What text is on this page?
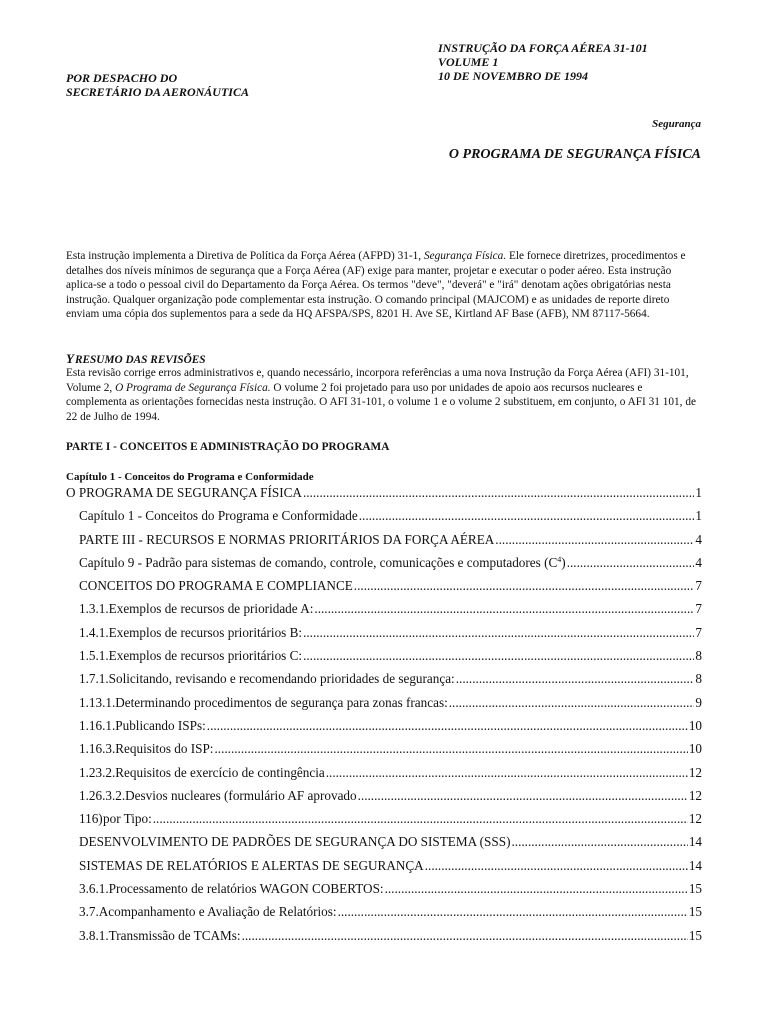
INSTRUÇÃO DA FORÇA AÉREA 31-101
VOLUME 1
10 DE NOVEMBRO DE 1994
POR DESPACHO DO
SECRETÁRIO DA AERONÁUTICA
Segurança
O PROGRAMA DE SEGURANÇA FÍSICA
Esta instrução implementa a Diretiva de Política da Força Aérea (AFPD) 31-1, Segurança Física. Ele fornece diretrizes, procedimentos e detalhes dos níveis mínimos de segurança que a Força Aérea (AF) exige para manter, projetar e executar o poder aéreo. Esta instrução aplica-se a todo o pessoal civil do Departamento da Força Aérea. Os termos "deve", "deverá" e "irá" denotam ações obrigatórias nesta instrução. Qualquer organização pode complementar esta instrução. O comando principal (MAJCOM) e as unidades de reporte direto enviam uma cópia dos suplementos para a sede da HQ AFSPA/SPS, 8201 H. Ave SE, Kirtland AF Base (AFB), NM 87117-5664.
YRESUMO DAS REVISÕES
Esta revisão corrige erros administrativos e, quando necessário, incorpora referências a uma nova Instrução da Força Aérea (AFI) 31-101, Volume 2, O Programa de Segurança Física. O volume 2 foi projetado para uso por unidades de apoio aos recursos nucleares e complementa as orientações fornecidas nesta instrução. O AFI 31-101, o volume 1 e o volume 2 substituem, em conjunto, o AFI 31 101, de 22 de Julho de 1994.
PARTE I - CONCEITOS E ADMINISTRAÇÃO DO PROGRAMA
Capítulo 1 - Conceitos do Programa e Conformidade
O PROGRAMA DE SEGURANÇA FÍSICA .....	1
Capítulo 1 - Conceitos do Programa e Conformidade .....	1
PARTE III - RECURSOS E NORMAS PRIORITÁRIOS DA FORÇA AÉREA .....	4
Capítulo 9 - Padrão para sistemas de comando, controle, comunicações e computadores $(C^4)$ .....	4
CONCEITOS DO PROGRAMA E COMPLIANCE .....	7
1.3.1. Exemplos de recursos de prioridade A: .....	7
1.4.1. Exemplos de recursos prioritários B: .....	7
1.5.1. Exemplos de recursos prioritários C: .....	8
1.7.1. Solicitando, revisando e recomendando prioridades de segurança: .....	8
1.13.1. Determinando procedimentos de segurança para zonas francas: .....	9
1.16.1. Publicando ISPs: .....	10
1.16.3. Requisitos do ISP: .....	10
1.23.2. Requisitos de exercício de contingência .....	12
1.26.3.2. Desvios nucleares (formulário AF aprovado .....	12
116) por Tipo: .....	12
DESENVOLVIMENTO DE PADRÕES DE SEGURANÇA DO SISTEMA (SSS) .....	14
SISTEMAS DE RELATÓRIOS E ALERTAS DE SEGURANÇA .....	14
3.6.1. Processamento de relatórios WAGON COBERTOS: .....	15
3.7. Acompanhamento e Avaliação de Relatórios: .....	15
3.8.1. Transmissão de TCAMs: .....	15
